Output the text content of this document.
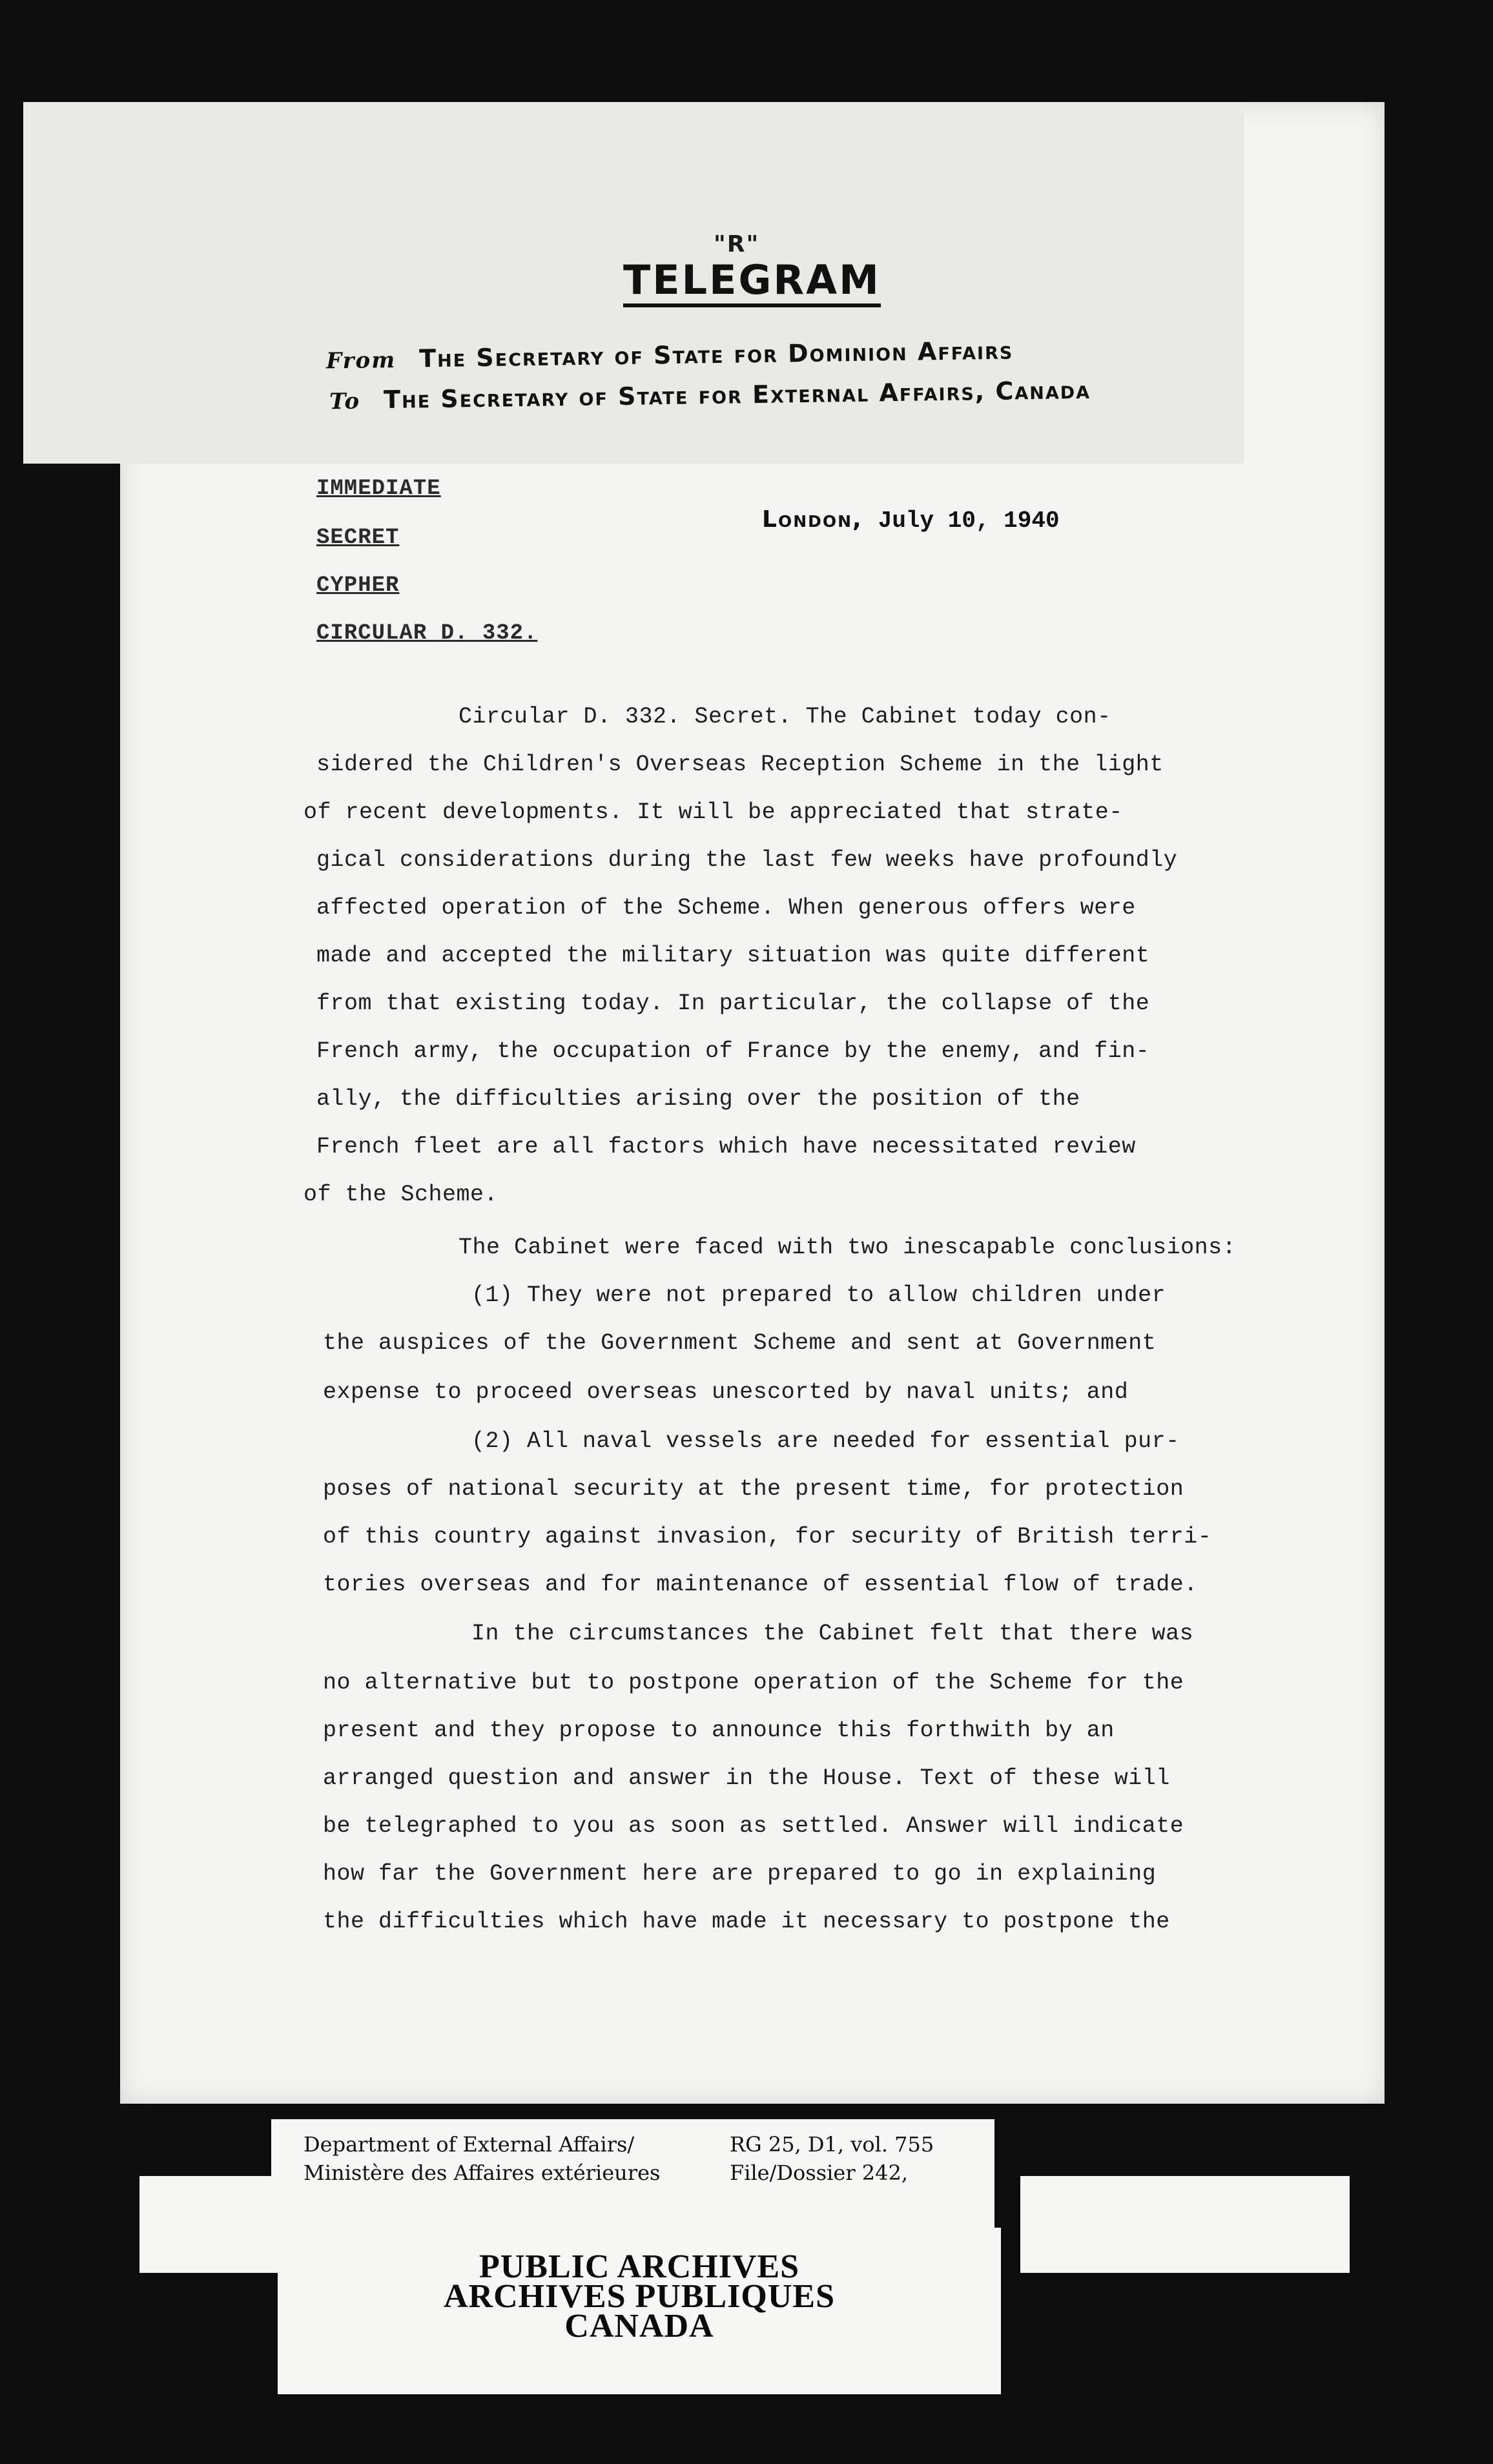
"R"
TELEGRAM
From The Secretary of State for Dominion Affairs
To The Secretary of State for External Affairs, Canada
IMMEDIATE
SECRET
CYPHER
CIRCULAR D. 332.
London, July 10, 1940
Circular D. 332. Secret. The Cabinet today con-
sidered the Children's Overseas Reception Scheme in the light
of recent developments. It will be appreciated that strate-
gical considerations during the last few weeks have profoundly
affected operation of the Scheme. When generous offers were
made and accepted the military situation was quite different
from that existing today. In particular, the collapse of the
French army, the occupation of France by the enemy, and fin-
ally, the difficulties arising over the position of the
French fleet are all factors which have necessitated review
of the Scheme.
The Cabinet were faced with two inescapable conclusions:
(1) They were not prepared to allow children under
the auspices of the Government Scheme and sent at Government
expense to proceed overseas unescorted by naval units; and
(2) All naval vessels are needed for essential pur-
poses of national security at the present time, for protection
of this country against invasion, for security of British terri-
tories overseas and for maintenance of essential flow of trade.
In the circumstances the Cabinet felt that there was
no alternative but to postpone operation of the Scheme for the
present and they propose to announce this forthwith by an
arranged question and answer in the House. Text of these will
be telegraphed to you as soon as settled. Answer will indicate
how far the Government here are prepared to go in explaining
the difficulties which have made it necessary to postpone the
Department of External Affairs/
Ministère des Affaires extérieures
RG 25, D1, vol. 755
File/Dossier 242,
PUBLIC ARCHIVES
ARCHIVES PUBLIQUES
CANADA
